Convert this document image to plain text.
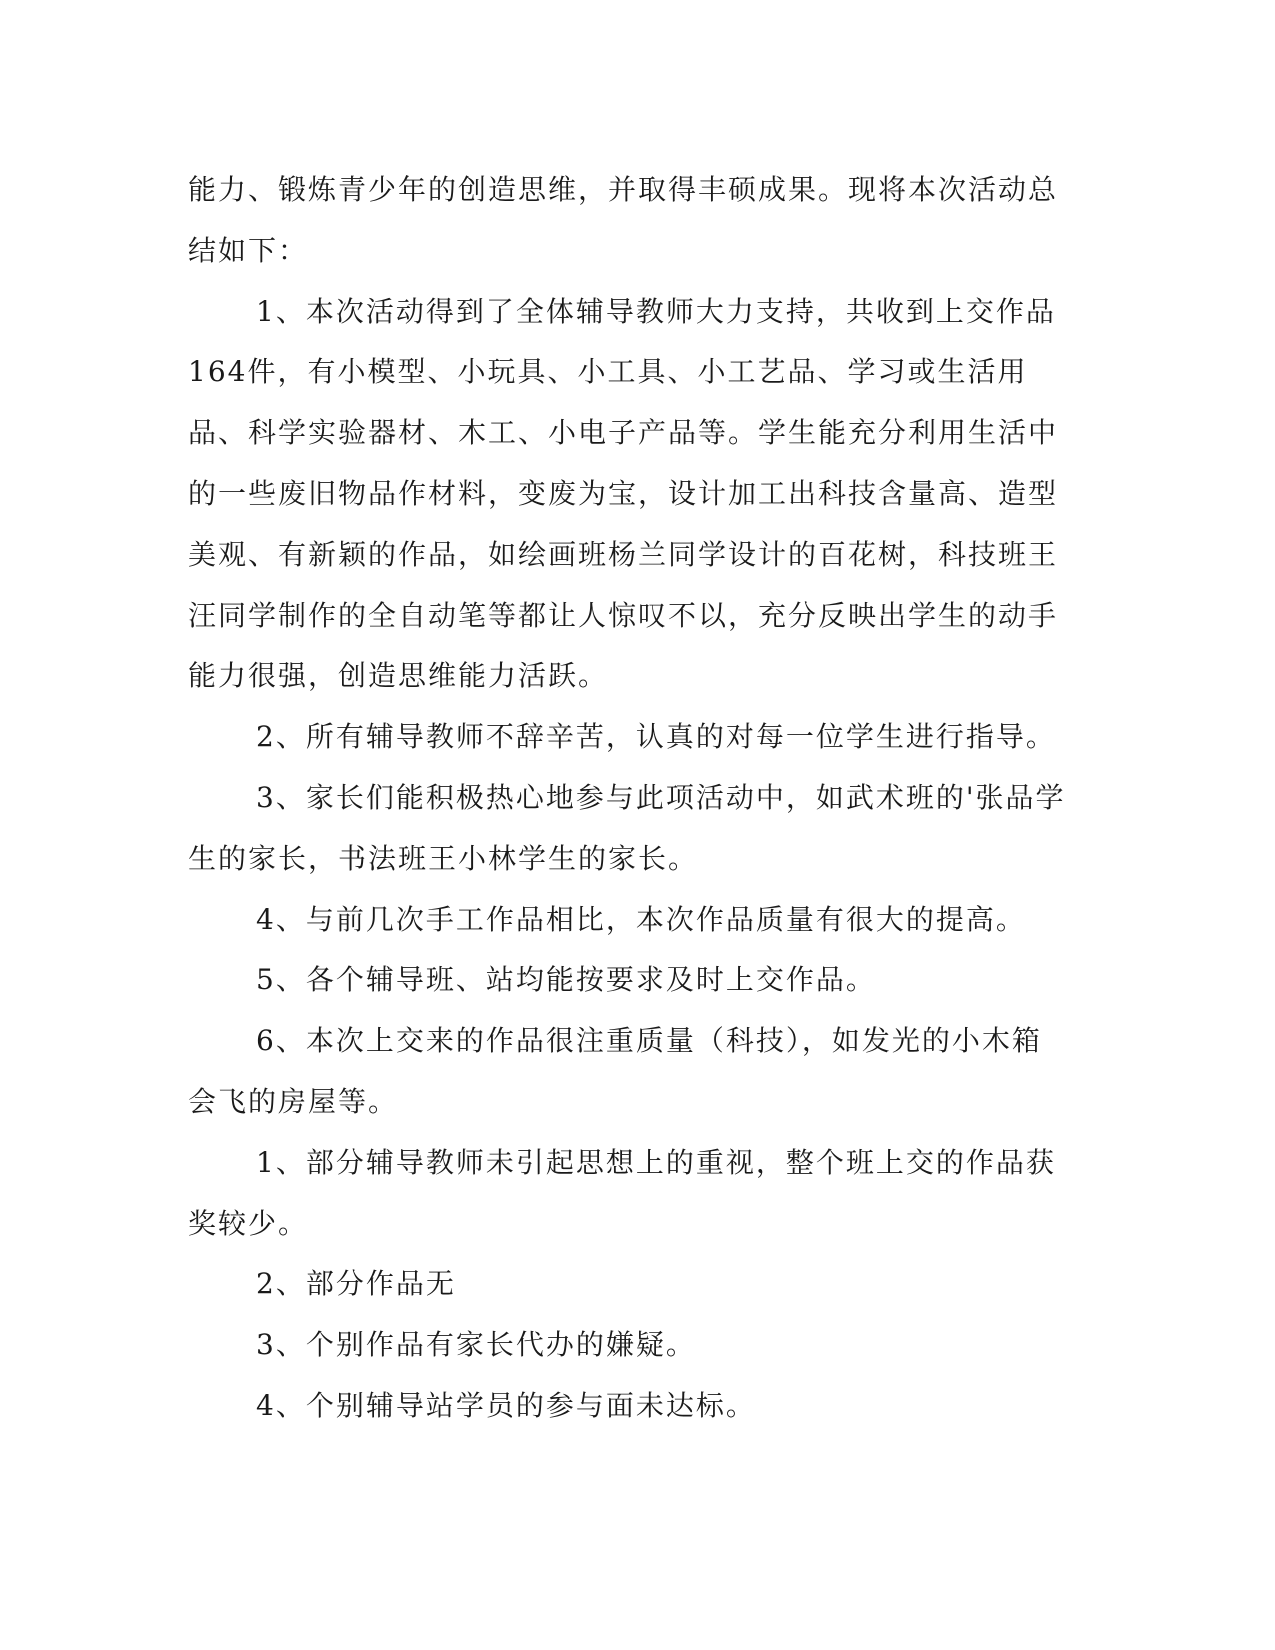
能力、锻炼青少年的创造思维，并取得丰硕成果。现将本次活动总结如下：

1、本次活动得到了全体辅导教师大力支持，共收到上交作品164件，有小模型、小玩具、小工具、小工艺品、学习或生活用品、科学实验器材、木工、小电子产品等。学生能充分利用生活中的一些废旧物品作材料，变废为宝，设计加工出科技含量高、造型美观、有新颖的作品，如绘画班杨兰同学设计的百花树，科技班王汪同学制作的全自动笔等都让人惊叹不以，充分反映出学生的动手能力很强，创造思维能力活跃。

2、所有辅导教师不辞辛苦，认真的对每一位学生进行指导。

3、家长们能积极热心地参与此项活动中，如武术班的'张品学生的家长，书法班王小林学生的家长。

4、与前几次手工作品相比，本次作品质量有很大的提高。

5、各个辅导班、站均能按要求及时上交作品。

6、本次上交来的作品很注重质量（科技），如发光的小木箱会飞的房屋等。

1、部分辅导教师未引起思想上的重视，整个班上交的作品获奖较少。

2、部分作品无

3、个别作品有家长代办的嫌疑。

4、个别辅导站学员的参与面未达标。
